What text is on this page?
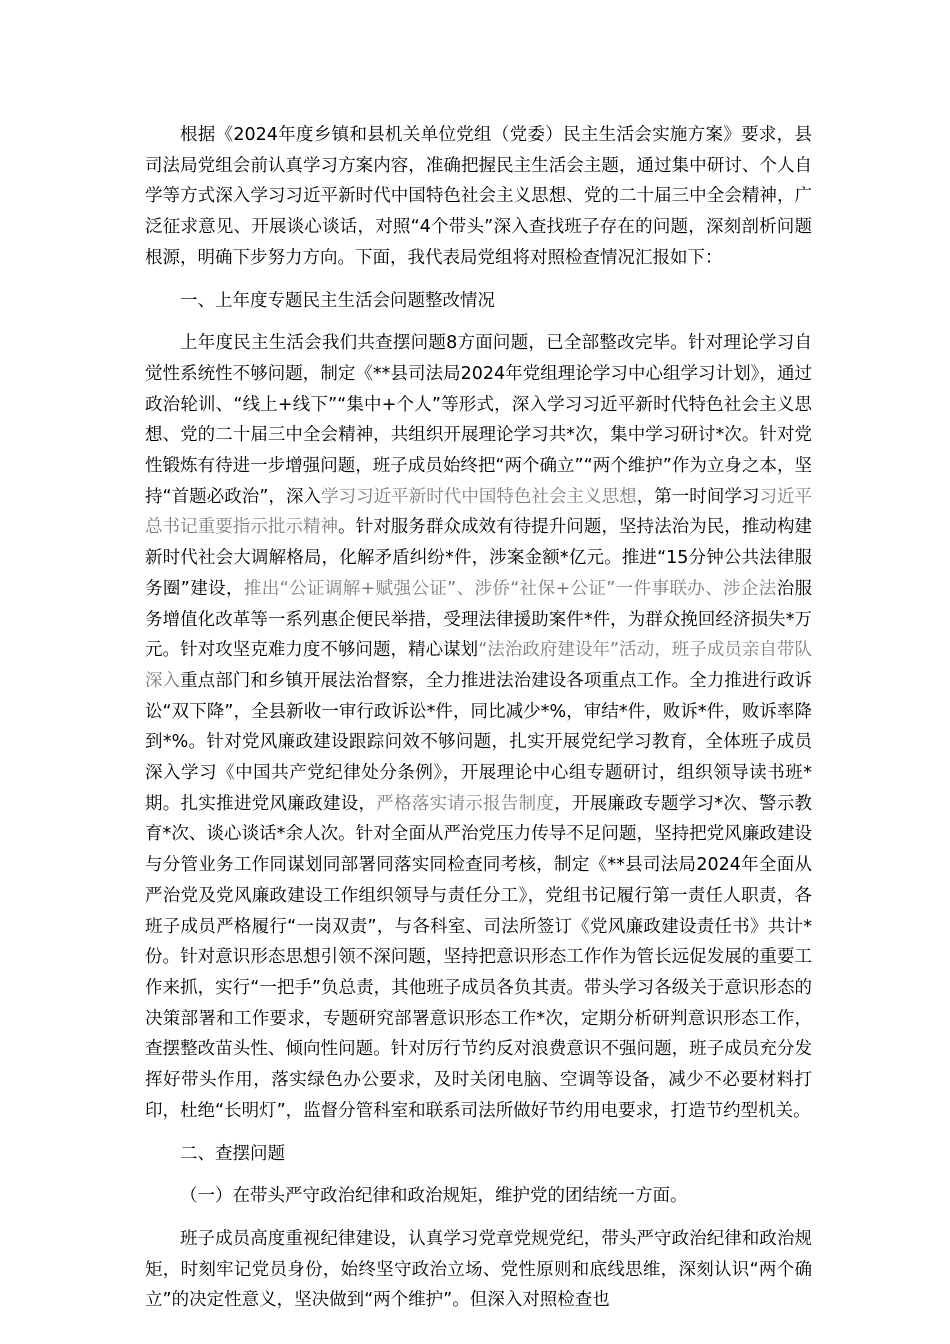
根据《2024年度乡镇和县机关单位党组（党委）民主生活会实施方案》要求，县司法局党组会前认真学习方案内容，准确把握民主生活会主题，通过集中研讨、个人自学等方式深入学习习近平新时代中国特色社会主义思想、党的二十届三中全会精神，广泛征求意见、开展谈心谈话，对照“4个带头”深入查找班子存在的问题，深刻剖析问题根源，明确下步努力方向。下面，我代表局党组将对照检查情况汇报如下：

一、上年度专题民主生活会问题整改情况

上年度民主生活会我们共查摆问题8方面问题，已全部整改完毕。针对理论学习自觉性系统性不够问题，制定《**县司法局2024年党组理论学习中心组学习计划》，通过政治轮训、“线上+线下”“集中+个人”等形式，深入学习习近平新时代特色社会主义思想、党的二十届三中全会精神，共组织开展理论学习共*次，集中学习研讨*次。针对党性锻炼有待进一步增强问题，班子成员始终把“两个确立”“两个维护”作为立身之本，坚持“首题必政治”，深入学习习近平新时代中国特色社会主义思想，第一时间学习习近平总书记重要指示批示精神。针对服务群众成效有待提升问题，坚持法治为民，推动构建新时代社会大调解格局，化解矛盾纠纷*件，涉案金额*亿元。推进“15分钟公共法律服务圈”建设，推出“公证调解+赋强公证”、涉侨“社保+公证”一件事联办、涉企法治服务增值化改革等一系列惠企便民举措，受理法律援助案件*件，为群众挽回经济损失*万元。针对攻坚克难力度不够问题，精心谋划“法治政府建设年”活动，班子成员亲自带队深入重点部门和乡镇开展法治督察，全力推进法治建设各项重点工作。全力推进行政诉讼“双下降”，全县新收一审行政诉讼*件，同比减少*%，审结*件，败诉*件，败诉率降到*%。针对党风廉政建设跟踪问效不够问题，扎实开展党纪学习教育，全体班子成员深入学习《中国共产党纪律处分条例》，开展理论中心组专题研讨，组织领导读书班*期。扎实推进党风廉政建设，严格落实请示报告制度，开展廉政专题学习*次、警示教育*次、谈心谈话*余人次。针对全面从严治党压力传导不足问题，坚持把党风廉政建设与分管业务工作同谋划同部署同落实同检查同考核，制定《**县司法局2024年全面从严治党及党风廉政建设工作组织领导与责任分工》，党组书记履行第一责任人职责，各班子成员严格履行“一岗双责”，与各科室、司法所签订《党风廉政建设责任书》共计*份。针对意识形态思想引领不深问题，坚持把意识形态工作作为管长远促发展的重要工作来抓，实行“一把手”负总责，其他班子成员各负其责。带头学习各级关于意识形态的决策部署和工作要求，专题研究部署意识形态工作*次，定期分析研判意识形态工作，查摆整改苗头性、倾向性问题。针对厉行节约反对浪费意识不强问题，班子成员充分发挥好带头作用，落实绿色办公要求，及时关闭电脑、空调等设备，减少不必要材料打印，杜绝“长明灯”，监督分管科室和联系司法所做好节约用电要求，打造节约型机关。

二、查摆问题

（一）在带头严守政治纪律和政治规矩，维护党的团结统一方面。

班子成员高度重视纪律建设，认真学习党章党规党纪，带头严守政治纪律和政治规矩，时刻牢记党员身份，始终坚守政治立场、党性原则和底线思维，深刻认识“两个确立”的决定性意义，坚决做到“两个维护”。但深入对照检查也
